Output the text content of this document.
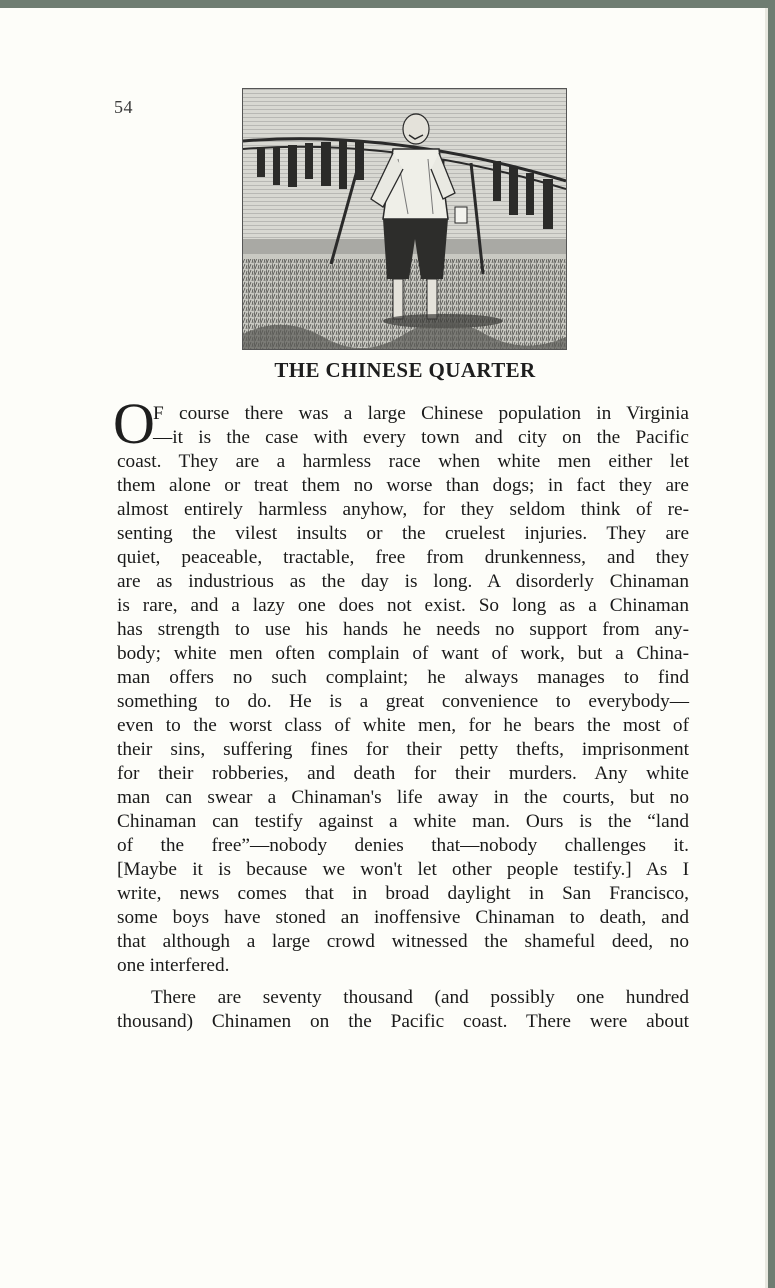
54
THE CHINESE QUARTER
O
F course there was a large Chinese population in Virginia
—it is the case with every town and city on the Pacific
coast. They are a harmless race when white men either let
them alone or treat them no worse than dogs; in fact they are
almost entirely harmless anyhow, for they seldom think of re-
senting the vilest insults or the cruelest injuries. They are
quiet, peaceable, tractable, free from drunkenness, and they
are as industrious as the day is long. A disorderly Chinaman
is rare, and a lazy one does not exist. So long as a Chinaman
has strength to use his hands he needs no support from any-
body; white men often complain of want of work, but a China-
man offers no such complaint; he always manages to find
something to do. He is a great convenience to everybody—
even to the worst class of white men, for he bears the most of
their sins, suffering fines for their petty thefts, imprisonment
for their robberies, and death for their murders. Any white
man can swear a Chinaman's life away in the courts, but no
Chinaman can testify against a white man. Ours is the “land
of the free”—nobody denies that—nobody challenges it.
[Maybe it is because we won't let other people testify.] As I
write, news comes that in broad daylight in San Francisco,
some boys have stoned an inoffensive Chinaman to death, and
that although a large crowd witnessed the shameful deed, no
one interfered.
There are seventy thousand (and possibly one hundred
thousand) Chinamen on the Pacific coast. There were about
